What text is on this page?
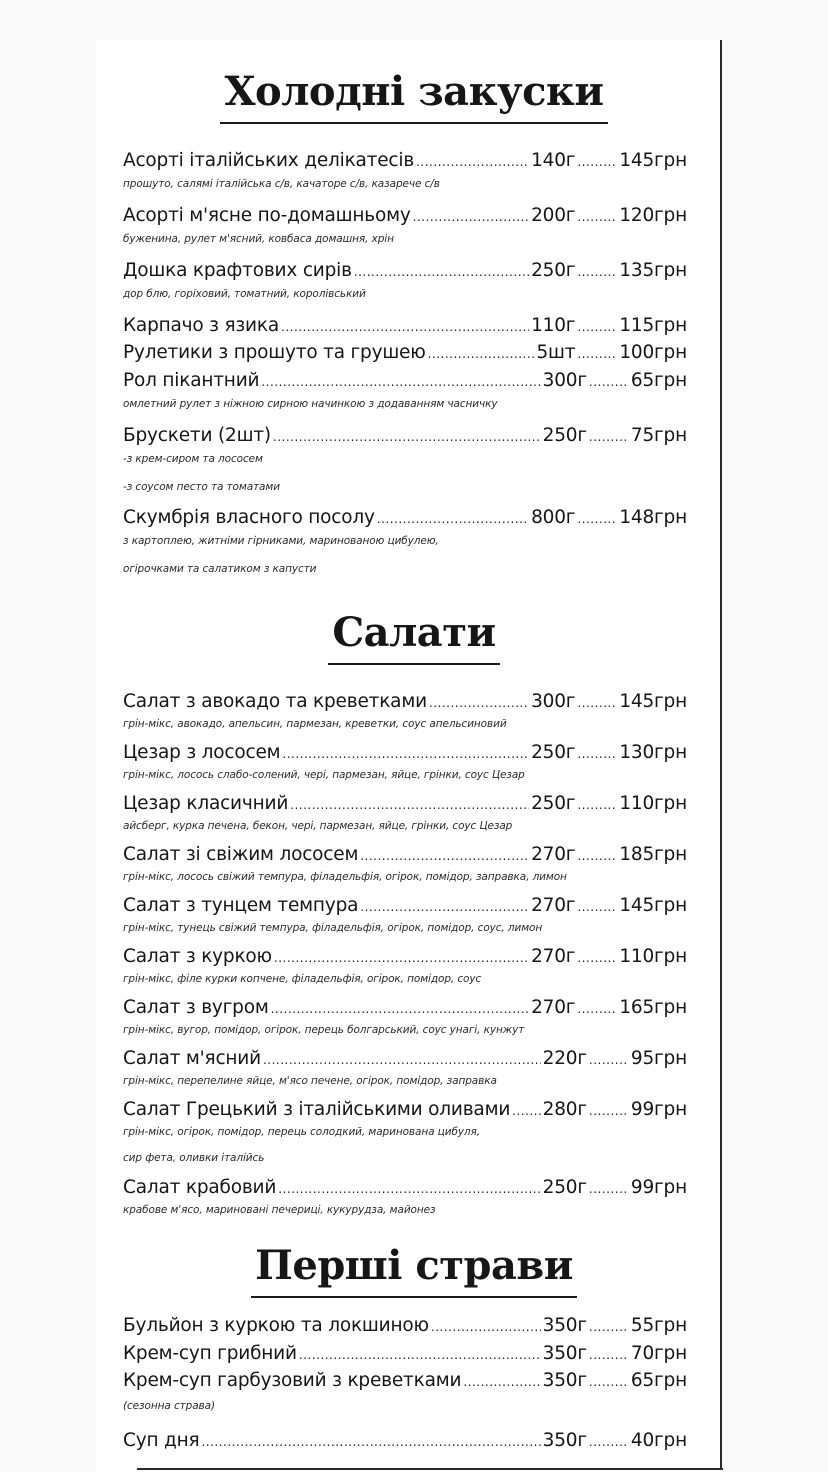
Холодні закуски
Асорті італійських делікатесів .....	140г ..... 145грн
прошуто, салямі італійська с/в, качаторе с/в, казарече с/в
Асорті м'ясне по-домашньому .....	200г ..... 120грн
буженина, рулет м'ясний, ковбаса домашня, хрін
Дошка крафтових сирів .....	250г ..... 135грн
дор блю, горіховий, томатний, королівський
Карпачо з язика .....	110г ..... 115грн
Рулетики з прошуто та грушею .....	5шт ..... 100грн
Рол пікантний .....	300г ..... 65грн
омлетний рулет з ніжною сирною начинкою з додаванням часничку
Брускети (2шт) .....	250г ..... 75грн
-з крем-сиром та лососем
-з соусом песто та томатами
Скумбрія власного посолу .....	800г ..... 148грн
з картоплею, житніми гірниками, маринованою цибулею,
огірочками та салатиком з капусти
Салати
Салат з авокадо та креветками .....	300г ..... 145грн
грін-мікс, авокадо, апельсин, пармезан, креветки, соус апельсиновий
Цезар з лососем .....	250г ..... 130грн
грін-мікс, лосось слабо-солений, чері, пармезан, яйце, грінки, соус Цезар
Цезар класичний .....	250г ..... 110грн
айсберг, курка печена, бекон, чері, пармезан, яйце, грінки, соус Цезар
Салат зі свіжим лососем .....	270г ..... 185грн
грін-мікс, лосось свіжий темпура, філадельфія, огірок, помідор, заправка, лимон
Салат з тунцем темпура .....	270г ..... 145грн
грін-мікс, тунець свіжий темпура, філадельфія, огірок, помідор, соус, лимон
Салат з куркою .....	270г ..... 110грн
грін-мікс, філе курки копчене, філадельфія, огірок, помідор, соус
Салат з вугром .....	270г ..... 165грн
грін-мікс, вугор, помідор, огірок, перець болгарський, соус унагі, кунжут
Салат м'ясний .....	220г ..... 95грн
грін-мікс, перепелине яйце, м'ясо печене, огірок, помідор, заправка
Салат Грецький з італійськими оливами ..... 280г ..... 99грн
грін-мікс, огірок, помідор, перець солодкий, маринована цибуля,
сир фета, оливки італійсь
Салат крабовий .....	250г ..... 99грн
крабове м'ясо, мариновані печериці, кукурудза, майонез
Перші страви
Бульйон з куркою та локшиною .....	350г ..... 55грн
Крем-суп грибний .....	350г ..... 70грн
Крем-суп гарбузовий з креветками .....	350г ..... 65грн
(сезонна страва)
Суп дня .....	350г ..... 40грн
